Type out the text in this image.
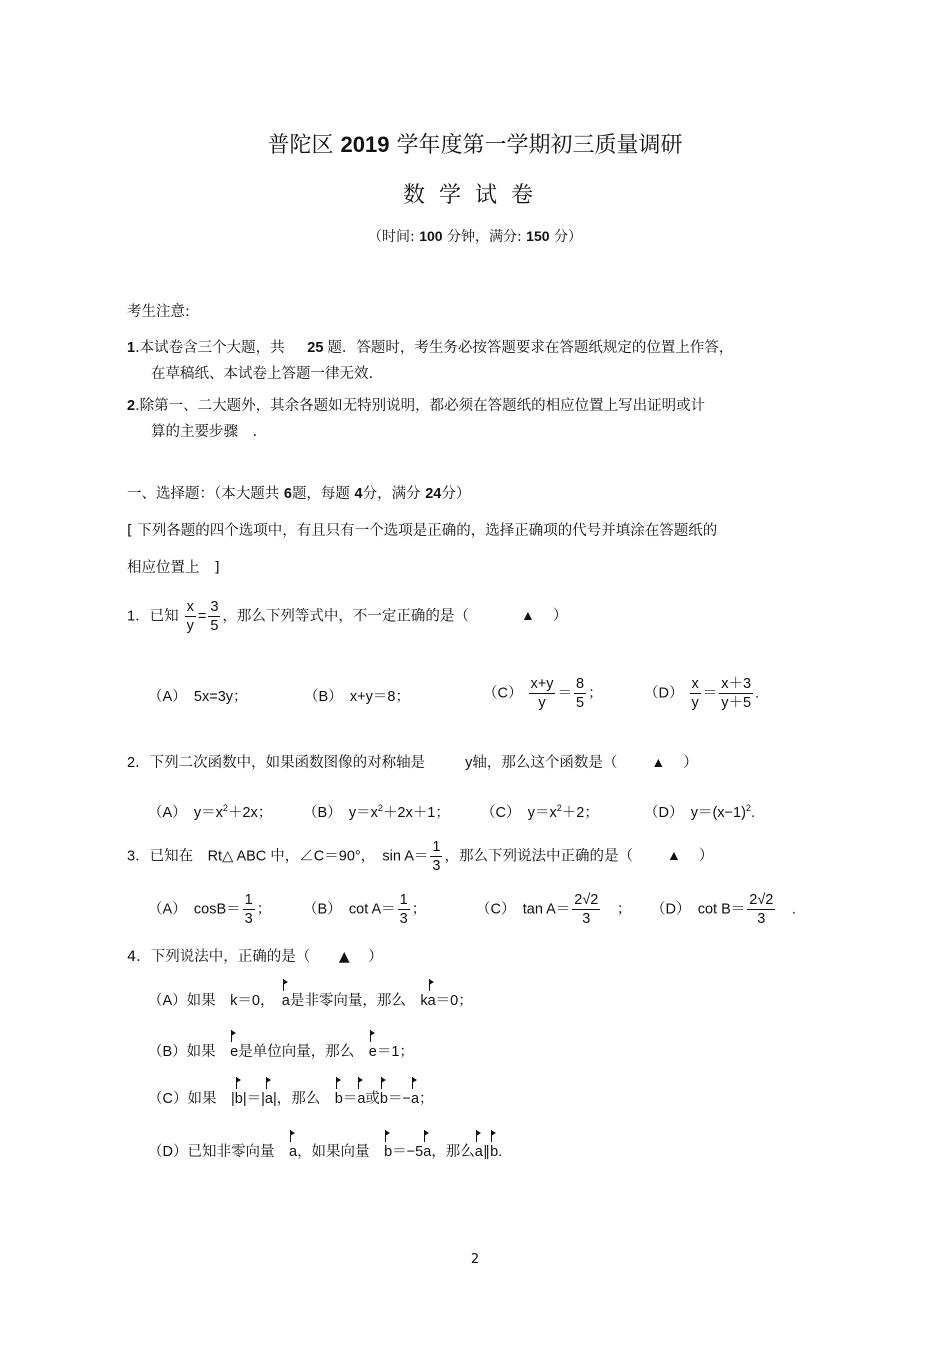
普陀区 2019 学年度第一学期初三质量调研
数学试卷
（时间: 100 分钟，满分: 150 分）
考生注意:
1.本试卷含三个大题，共 25 题．答题时，考生务必按答题要求在答题纸规定的位置上作答，
在草稿纸、本试卷上答题一律无效.
2.除第一、二大题外，其余各题如无特别说明，都必须在答题纸的相应位置上写出证明或计
算的主要步骤　.
一、选择题：（本大题共 6题，每题 4分，满分 24分）
[ 下列各题的四个选项中，有且只有一个选项是正确的，选择正确项的代号并填涂在答题纸的
相应位置上　]
1．已知 $\frac{x}{y} = \frac{3}{5}$ ，那么下列等式中，不一定正确的是（	▲ ）
（A）　5x=3y；	（B）　x+y＝8；	$(C) \frac{x+y}{y} = \frac{8}{5}$ ；	$(D) \frac{x}{y} = \frac{x+3}{y+5}$ .
2．下列二次函数中，如果函数图像的对称轴是	y轴，那么这个函数是（ ▲ ）
（A）　$y=x^2+2x$； （B）　$y=x^2+2x+1$； （C）　$y=x^2+2$；	（D）　$y=(x-1)^2$.
3．已知在　Rt△ ABC 中，∠C＝90°，　$\sin A= \frac{1}{3}$ ，那么下列说法中正确的是（ ▲ ）
（A）　$\cos B= \frac{1}{3}$ ； （B）　$\cot A= \frac{1}{3}$ ；	（C）　$\tan A= \frac{2√2}{3}$ 　； （D）　$\cot B= \frac{2√2}{3}$ 　.
4．下列说法中，正确的是（ ▲ ）
（A）如果　k＝0，　a是非零向量，那么　ka＝0；
（B）如果　e是单位向量，那么　e＝1；
（C）如果　|b|＝|a|，那么　b＝a或b＝−a；
（D）已知非零向量　a，如果向量　b＝−5a，那么a∥b.
2
